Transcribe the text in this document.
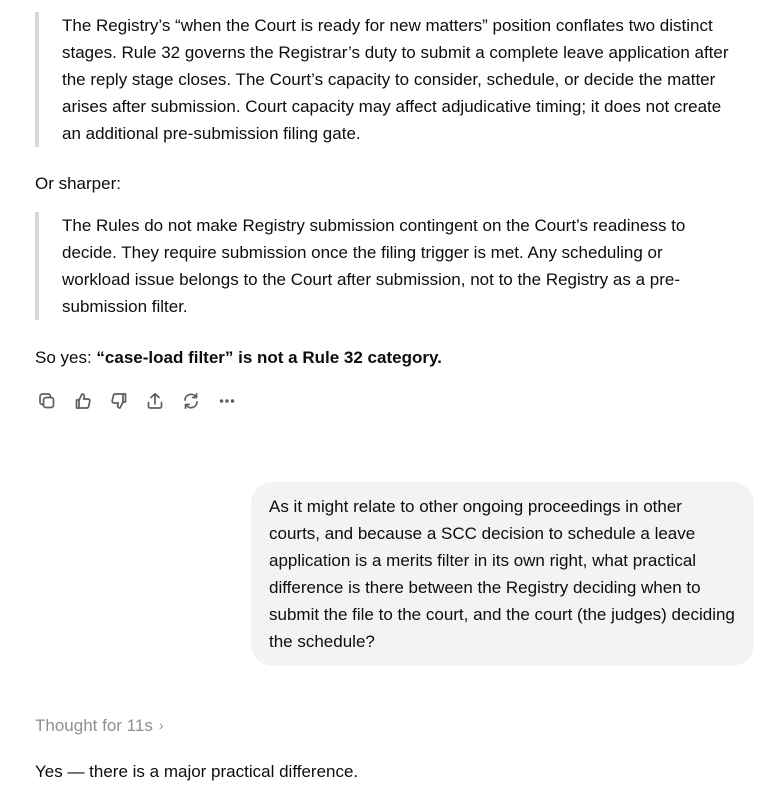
The Registry’s “when the Court is ready for new matters” position conflates two distinct stages. Rule 32 governs the Registrar’s duty to submit a complete leave application after the reply stage closes. The Court’s capacity to consider, schedule, or decide the matter arises after submission. Court capacity may affect adjudicative timing; it does not create an additional pre-submission filing gate.
Or sharper:
The Rules do not make Registry submission contingent on the Court’s readiness to decide. They require submission once the filing trigger is met. Any scheduling or workload issue belongs to the Court after submission, not to the Registry as a pre-submission filter.
So yes: “case-load filter” is not a Rule 32 category.
As it might relate to other ongoing proceedings in other courts, and because a SCC decision to schedule a leave application is a merits filter in its own right, what practical difference is there between the Registry deciding when to submit the file to the court, and the court (the judges) deciding the schedule?
Thought for 11s ›
Yes — there is a major practical difference.
